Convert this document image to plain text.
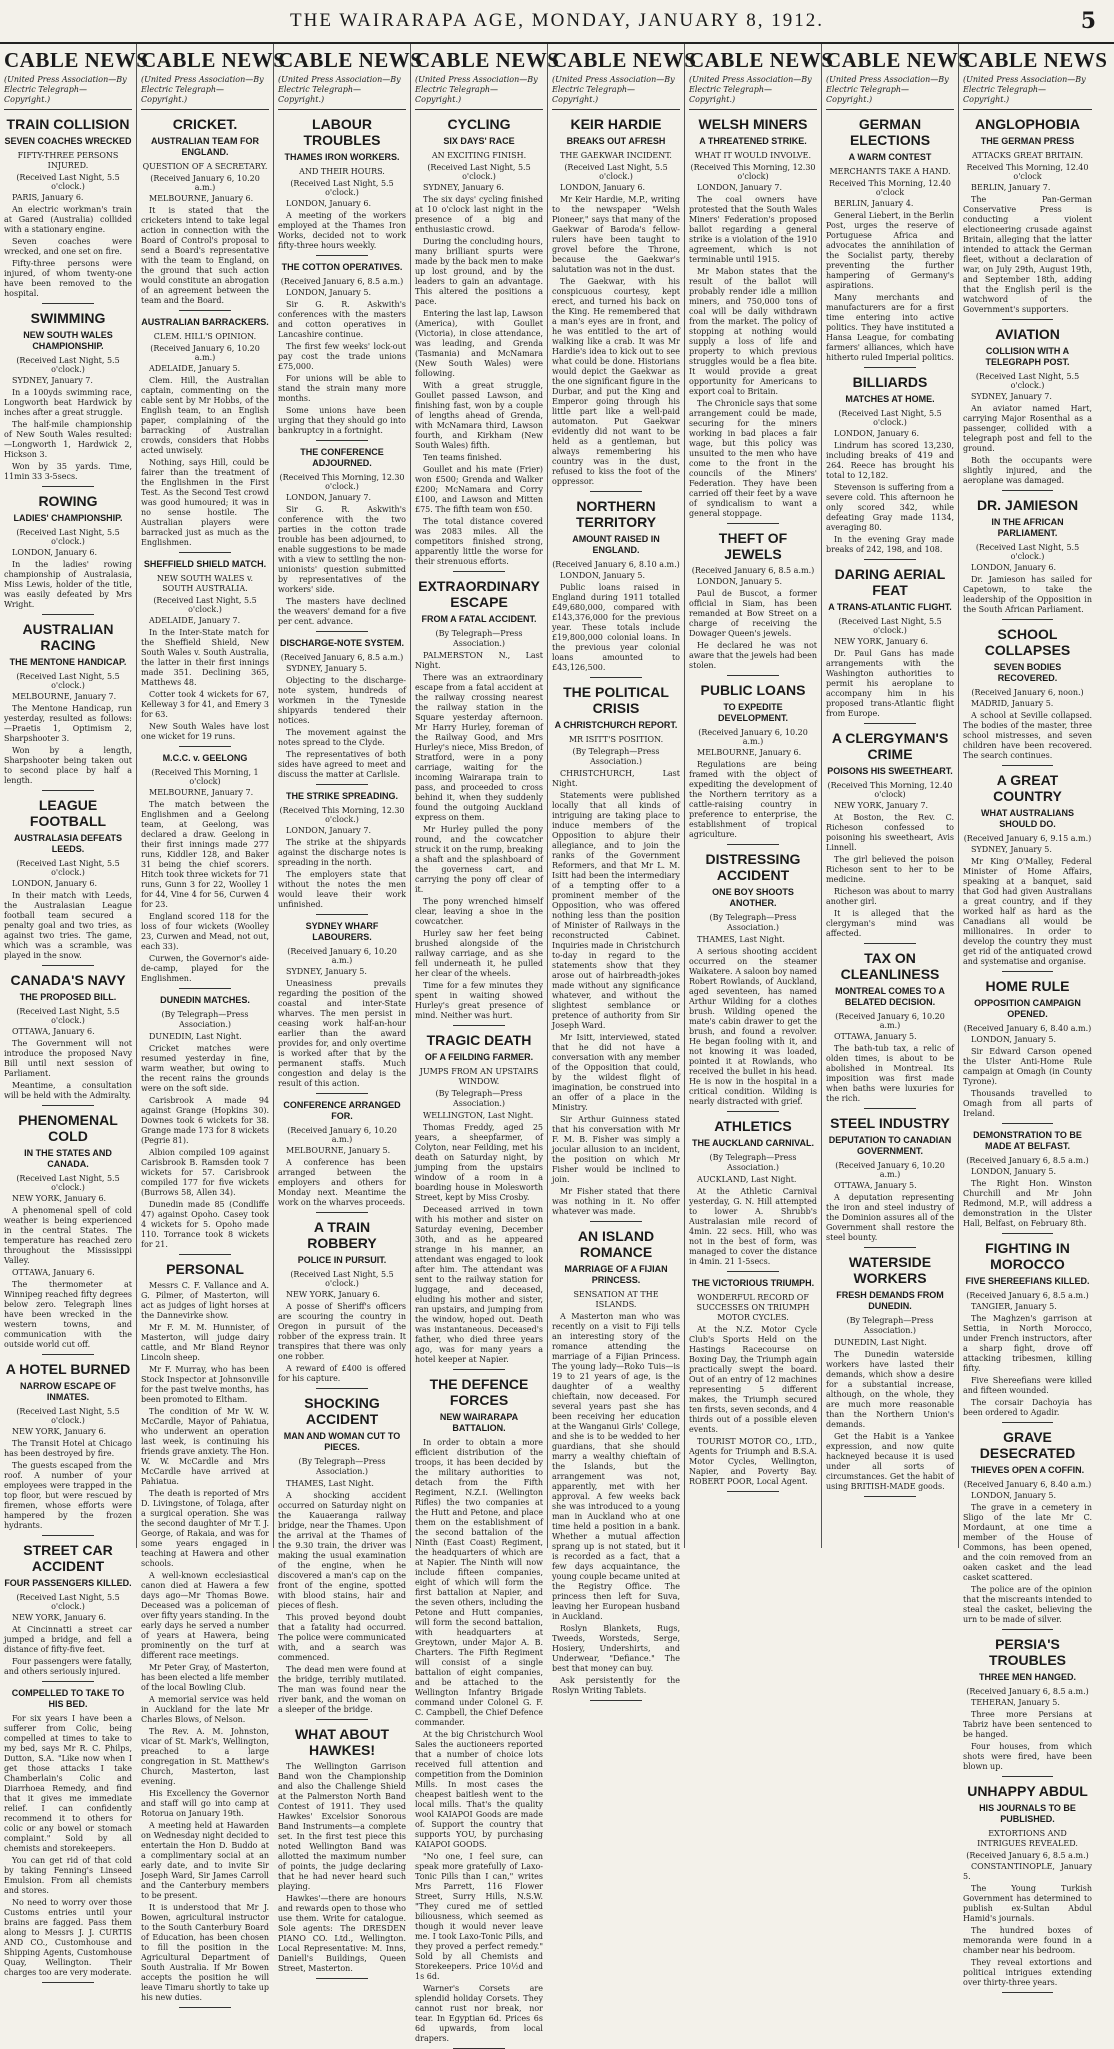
THE WAIRARAPA AGE, MONDAY, JANUARY 8, 1912.	5
CABLE NEWS
(United Press Association—By Electric Telegraph—Copyright.)
TRAIN COLLISION
SEVEN COACHES WRECKED
FIFTY-THREE PERSONS INJURED.
(Received Last Night, 5.5 o'clock.)

PARIS, January 6.

An electric workman's train at Gared (Australia) collided with a stationary engine.

Seven coaches were wrecked, and one set on fire.

Fifty-three persons were injured, of whom twenty-one have been removed to the hospital.

SWIMMING
NEW SOUTH WALES CHAMPIONSHIP.
(Received Last Night, 5.5 o'clock.)

SYDNEY, January 7.

In a 100yds swimming race, Longworth beat Hardwick by inches after a great struggle.

The half-mile championship of New South Wales resulted:—Longworth 1, Hardwick 2, Hickson 3.

Won by 35 yards. Time, 11min 33 3-5secs.

ROWING
LADIES' CHAMPIONSHIP.
(Received Last Night, 5.5 o'clock.)

LONDON, January 6.

In the ladies' rowing championship of Australasia, Miss Lewis, holder of the title, was easily defeated by Mrs Wright.

AUSTRALIAN RACING
THE MENTONE HANDICAP.
(Received Last Night, 5.5 o'clock.)

MELBOURNE, January 7.

The Mentone Handicap, run yesterday, resulted as follows:—Praetis 1, Optimism 2, Sharpshooter 3.

Won by a length, Sharpshooter being taken out to second place by half a length.

LEAGUE FOOTBALL
AUSTRALASIA DEFEATS LEEDS.
(Received Last Night, 5.5 o'clock.)

LONDON, January 6.

In their match with Leeds, the Australasian League football team secured a penalty goal and two tries, as against two tries. The game, which was a scramble, was played in the snow.

CANADA'S NAVY
THE PROPOSED BILL.
(Received Last Night, 5.5 o'clock.)

OTTAWA, January 6.

The Government will not introduce the proposed Navy Bill until next session of Parliament.

Meantime, a consultation will be held with the Admiralty.

PHENOMENAL COLD
IN THE STATES AND CANADA.
(Received Last Night, 5.5 o'clock.)

NEW YORK, January 6.

A phenomenal spell of cold weather is being experienced in the central States. The temperature has reached zero throughout the Mississippi Valley.

OTTAWA, January 6.

The thermometer at Winnipeg reached fifty degrees below zero. Telegraph lines have been wrecked in the western towns, and communication with the outside world cut off.

A HOTEL BURNED
NARROW ESCAPE OF INMATES.
(Received Last Night, 5.5 o'clock.)

NEW YORK, January 6.

The Transit Hotel at Chicago has been destroyed by fire.

The guests escaped from the roof. A number of your employees were trapped in the top floor, but were rescued by firemen, whose efforts were hampered by the frozen hydrants.

STREET CAR ACCIDENT
FOUR PASSENGERS KILLED.
(Received Last Night, 5.5 o'clock.)

NEW YORK, January 6.

At Cincinnatti a street car jumped a bridge, and fell a distance of fifty-five feet.

Four passengers were fatally, and others seriously injured.

COMPELLED TO TAKE TO HIS BED.

For six years I have been a sufferer from Colic, being compelled at times to take to my bed, says Mr R. C. Philps, Dutton, S.A. "Like now when I get those attacks I take Chamberlain's Colic and Diarrhoea Remedy, and find that it gives me immediate relief. I can confidently recommend it to others for colic or any bowel or stomach complaint." Sold by all chemists and storekeepers.

You can get rid of that cold by taking Fenning's Linseed Emulsion. From all chemists and stores.

No need to worry over those Customs entries until your brains are fagged. Pass them along to Messrs J. J. CURTIS AND CO., Customhouse and Shipping Agents, Customhouse Quay, Wellington. Their charges too are very moderate.

CABLE NEWS
(United Press Association—By Electric Telegraph—Copyright.)
CRICKET.
AUSTRALIAN TEAM FOR ENGLAND.
QUESTION OF A SECRETARY.
(Received January 6, 10.20 a.m.)

MELBOURNE, January 6.

It is stated that the cricketers intend to take legal action in connection with the Board of Control's proposal to send a Board's representative with the team to England, on the ground that such action would constitute an abrogation of an agreement between the team and the Board.

AUSTRALIAN BARRACKERS.
CLEM. HILL'S OPINION.
(Received January 6, 10.20 a.m.)

ADELAIDE, January 5.

Clem. Hill, the Australian captain, commenting on the cable sent by Mr Hobbs, of the English team, to an English paper, complaining of the barracking of Australian crowds, considers that Hobbs acted unwisely.

Nothing, says Hill, could be fairer than the treatment of the Englishmen in the First Test. As the Second Test crowd was good humoured; it was in no sense hostile. The Australian players were barracked just as much as the Englishmen.

SHEFFIELD SHIELD MATCH.
NEW SOUTH WALES v. SOUTH AUSTRALIA.
(Received Last Night, 5.5 o'clock.)

ADELAIDE, January 7.

In the Inter-State match for the Sheffield Shield, New South Wales v. South Australia, the latter in their first innings made 351. Declining 365, Matthews 48.

Cotter took 4 wickets for 67, Kelleway 3 for 41, and Emery 3 for 63.

New South Wales have lost one wicket for 19 runs.

M.C.C. v. GEELONG
(Received This Morning, 1 o'clock)

MELBOURNE, January 7.

The match between the Englishmen and a Geelong team, at Geelong, was declared a draw. Geelong in their first innings made 277 runs, Kiddler 128, and Baker 31 being the chief scorers. Hitch took three wickets for 71 runs, Gunn 3 for 22, Woolley 1 for 44, Vine 4 for 56, Curwen 4 for 23.

England scored 118 for the loss of four wickets (Woolley 23, Curwen and Mead, not out, each 33).

Curwen, the Governor's aide-de-camp, played for the Englishmen.

DUNEDIN MATCHES.
(By Telegraph—Press Association.)

DUNEDIN, Last Night.

Cricket matches were resumed yesterday in fine, warm weather, but owing to the recent rains the grounds were on the soft side.

Carisbrook A made 94 against Grange (Hopkins 30). Downes took 6 wickets for 38. Grange made 173 for 8 wickets (Pegrie 81).

Albion compiled 109 against Carisbrook B. Ramsden took 7 wickets for 57. Carisbrook compiled 177 for five wickets (Burrows 58, Allen 34).

Dunedin made 85 (Condliffe 47) against Opoho. Casey took 4 wickets for 5. Opoho made 110. Torrance took 8 wickets for 21.

PERSONAL

Messrs C. F. Vallance and A. G. Pilmer, of Masterton, will act as judges of light horses at the Dannevirke show.

Mr F. M. M. Hunnister, of Masterton, will judge dairy cattle, and Mr Bland Reynor Lincoln sheep.

Mr F. Murray, who has been Stock Inspector at Johnsonville for the past twelve months, has been promoted to Eltham.

The condition of Mr W. W. McCardle, Mayor of Pahiatua, who underwent an operation last week, is continuing his friends grave anxiety. The Hon. W. W. McCardle and Mrs McCardle have arrived at Pahiatua.

The death is reported of Mrs D. Livingstone, of Tolaga, after a surgical operation. She was the second daughter of Mr T. J. George, of Rakaia, and was for some years engaged in teaching at Hawera and other schools.

A well-known ecclesiastical canon died at Hawera a few days ago—Mr Thomas Bowe. Deceased was a policeman of over fifty years standing. In the early days he served a number of years at Hawera, being prominently on the turf at different race meetings.

Mr Peter Gray, of Masterton, has been elected a life member of the local Bowling Club.

A memorial service was held in Auckland for the late Mr Charles Blows, of Nelson.

The Rev. A. M. Johnston, vicar of St. Mark's, Wellington, preached to a large congregation in St. Matthew's Church, Masterton, last evening.

His Excellency the Governor and staff will go into camp at Rotorua on January 19th.

A meeting held at Hawarden on Wednesday night decided to entertain the Hon D. Buddo at a complimentary social at an early date, and to invite Sir Joseph Ward, Sir James Carroll and the Canterbury members to be present.

It is understood that Mr J. Bowen, agricultural instructor to the South Canterbury Board of Education, has been chosen to fill the position in the Agricultural Department of South Australia. If Mr Bowen accepts the position he will leave Timaru shortly to take up his new duties.

CABLE NEWS
(United Press Association—By Electric Telegraph—Copyright.)
LABOUR TROUBLES
THAMES IRON WORKERS.
AND THEIR HOURS.
(Received Last Night, 5.5 o'clock.)

LONDON, January 6.

A meeting of the workers employed at the Thames Iron Works, decided not to work fifty-three hours weekly.

THE COTTON OPERATIVES.
(Received January 6, 8.5 a.m.)

LONDON, January 5.

Sir G. R. Askwith's conferences with the masters and cotton operatives in Lancashire continue.

The first few weeks' lock-out pay cost the trade unions £75,000.

For unions will be able to stand the strain many more months.

Some unions have been urging that they should go into bankruptcy in a fortnight.

THE CONFERENCE ADJOURNED.
(Received This Morning, 12.30 o'clock.)

LONDON, January 7.

Sir G. R. Askwith's conference with the two parties in the cotton trade trouble has been adjourned, to enable suggestions to be made with a view to settling the non-unionists' question submitted by representatives of the workers' side.

The masters have declined the weavers' demand for a five per cent. advance.

DISCHARGE-NOTE SYSTEM.
(Received January 6, 8.5 a.m.)

SYDNEY, January 5.

Objecting to the discharge-note system, hundreds of workmen in the Tyneside shipyards tendered their notices.

The movement against the notes spread to the Clyde.

The representatives of both sides have agreed to meet and discuss the matter at Carlisle.

THE STRIKE SPREADING.
(Received This Morning, 12.30 o'clock.)

LONDON, January 7.

The strike at the shipyards against the discharge notes is spreading in the north.

The employers state that without the notes the men would leave their work unfinished.

SYDNEY WHARF LABOURERS.
(Received January 6, 10.20 a.m.)

SYDNEY, January 5.

Uneasiness prevails regarding the position of the coastal and inter-State wharves. The men persist in ceasing work half-an-hour earlier than the award provides for, and only overtime is worked after that by the permanent staffs. Much congestion and delay is the result of this action.

CONFERENCE ARRANGED FOR.
(Received January 6, 10.20 a.m.)

MELBOURNE, January 5.

A conference has been arranged between the employers and others for Monday next. Meantime the work on the wharves proceeds.

A TRAIN ROBBERY
POLICE IN PURSUIT.
(Received Last Night, 5.5 o'clock.)

NEW YORK, January 6.

A posse of Sheriff's officers are scouring the country in Oregon in pursuit of the robber of the express train. It transpires that there was only one robber.

A reward of £400 is offered for his capture.

SHOCKING ACCIDENT
MAN AND WOMAN CUT TO PIECES.
(By Telegraph—Press Association.)

THAMES, Last Night.

A shocking accident occurred on Saturday night on the Kauaeranga railway bridge, near the Thames. Upon the arrival at the Thames of the 9.30 train, the driver was making the usual examination of the engine, when he discovered a man's cap on the front of the engine, spotted with blood stains, hair and pieces of flesh.

This proved beyond doubt that a fatality had occurred. The police were communicated with, and a search was commenced.

The dead men were found at the bridge, terribly mutilated. The man was found near the river bank, and the woman on a sleeper of the bridge.

WHAT ABOUT HAWKES!

The Wellington Garrison Band won the Championship and also the Challenge Shield at the Palmerston North Band Contest of 1911. They used Hawkes' Excelsior Sonorous Band Instruments—a complete set. In the first test piece this noted Wellington Band was allotted the maximum number of points, the judge declaring that he had never heard such playing.

Hawkes'—there are honours and rewards open to those who use them. Write for catalogue. Sole agents: The DRESDEN PIANO CO. Ltd., Wellington. Local Representative: M. Inns, Daniell's Buildings, Queen Street, Masterton.

CABLE NEWS
(United Press Association—By Electric Telegraph—Copyright.)
CYCLING
SIX DAYS' RACE
AN EXCITING FINISH.
(Received Last Night, 5.5 o'clock.)

SYDNEY, January 6.

The six days' cycling finished at 10 o'clock last night in the presence of a big and enthusiastic crowd.

During the concluding hours, many brilliant spurts were made by the back men to make up lost ground, and by the leaders to gain an advantage. This altered the positions a pace.

Entering the last lap, Lawson (America), with Goullet (Victoria), in close attendance, was leading, and Grenda (Tasmania) and McNamara (New South Wales) were following.

With a great struggle, Goullet passed Lawson, and finishing fast, won by a couple of lengths ahead of Grenda, with McNamara third, Lawson fourth, and Kirkham (New South Wales) fifth.

Ten teams finished.

Goullet and his mate (Frier) won £500; Grenda and Walker £200; McNamara and Corry £100, and Lawson and Mitten £75. The fifth team won £50.

The total distance covered was 2083 miles. All the competitors finished strong, apparently little the worse for their strenuous efforts.

EXTRAORDINARY ESCAPE
FROM A FATAL ACCIDENT.
(By Telegraph—Press Association.)

PALMERSTON N., Last Night.

There was an extraordinary escape from a fatal accident at the railway crossing nearest the railway station in the Square yesterday afternoon. Mr Harry Hurley, foreman of the Railway Good, and Mrs Hurley's niece, Miss Bredon, of Stratford, were in a pony carriage, waiting for the incoming Wairarapa train to pass, and proceeded to cross behind it, when they suddenly found the outgoing Auckland express on them.

Mr Hurley pulled the pony round, and the cowcatcher struck it on the rump, breaking a shaft and the splashboard of the governess cart, and carrying the pony off clear of it.

The pony wrenched himself clear, leaving a shoe in the cowcatcher.

Hurley saw her feet being brushed alongside of the railway carriage, and as she fell underneath it, he pulled her clear of the wheels.

Time for a few minutes they spent in waiting showed Hurley's great presence of mind. Neither was hurt.

TRAGIC DEATH
OF A FEILDING FARMER.
JUMPS FROM AN UPSTAIRS WINDOW.
(By Telegraph—Press Association.)

WELLINGTON, Last Night.

Thomas Freddy, aged 25 years, a sheepfarmer, of Colyton, near Feilding, met his death on Saturday night, by jumping from the upstairs window of a room in a boarding house in Molesworth Street, kept by Miss Crosby.

Deceased arrived in town with his mother and sister on Saturday evening, December 30th, and as he appeared strange in his manner, an attendant was engaged to look after him. The attendant was sent to the railway station for luggage, and deceased, eluding his mother and sister, ran upstairs, and jumping from the window, hoped out. Death was instantaneous. Deceased's father, who died three years ago, was for many years a hotel keeper at Napier.

THE DEFENCE FORCES
NEW WAIRARAPA BATTALION.

In order to obtain a more efficient distribution of the troops, it has been decided by the military authorities to detach from the Fifth Regiment, N.Z.I. (Wellington Rifles) the two companies at the Hutt and Petone, and place them on the establishment of the second battalion of the Ninth (East Coast) Regiment, the headquarters of which are at Napier. The Ninth will now include fifteen companies, eight of which will form the first battalion at Napier, and the seven others, including the Petone and Hutt companies, will form the second battalion, with headquarters at Greytown, under Major A. B. Charters. The Fifth Regiment will consist of a single battalion of eight companies, and be attached to the Wellington Infantry Brigade command under Colonel G. F. C. Campbell, the Chief Defence commander.

At the big Christchurch Wool Sales the auctioneers reported that a number of choice lots received full attention and competition from the Dominion Mills. In most cases the cheapest baitlesh went to the local mills. That's the quality wool KAIAPOI Goods are made of. Support the country that supports YOU, by purchasing KAIAPOI GOODS.

"No one, I feel sure, can speak more gratefully of Laxo-Tonic Pills than I can," writes Mrs Parrett, 116 Flower Street, Surry Hills, N.S.W. "They cured me of settled biliousness, which seemed as though it would never leave me. I took Laxo-Tonic Pills, and they proved a perfect remedy." Sold by all Chemists and Storekeepers. Price 10½d and 1s 6d.

Warner's Corsets are splendid holiday Corsets. They cannot rust nor break, nor tear. In Egyptian 6d. Prices 6s 6d upwards, from local drapers.

CABLE NEWS
(United Press Association—By Electric Telegraph—Copyright.)
KEIR HARDIE
BREAKS OUT AFRESH
THE GAEKWAR INCIDENT.
(Received Last Night, 5.5 o'clock.)

LONDON, January 6.

Mr Keir Hardie, M.P., writing to the newspaper "Welsh Pioneer," says that many of the Gaekwar of Baroda's fellow-rulers have been taught to grovel before the Throne, because the Gaekwar's salutation was not in the dust.

The Gaekwar, with his conspicuous courtesy, kept erect, and turned his back on the King. He remembered that a man's eyes are in front, and he was entitled to the art of walking like a crab. It was Mr Hardie's idea to kick out to see what could be done. Historians would depict the Gaekwar as the one significant figure in the Durbar, and put the King and Emperor going through his little part like a well-paid automaton. Put Gaekwar evidently did not want to be held as a gentleman, but always remembering his country was in the dust, refused to kiss the foot of the oppressor.

NORTHERN TERRITORY
AMOUNT RAISED IN ENGLAND.
(Received January 6, 8.10 a.m.)

LONDON, January 5.

Public loans raised in England during 1911 totalled £49,680,000, compared with £143,376,000 for the previous year. These totals include £19,800,000 colonial loans. In the previous year colonial loans amounted to £43,126,500.

THE POLITICAL CRISIS
A CHRISTCHURCH REPORT.
MR ISITT'S POSITION.
(By Telegraph—Press Association.)

CHRISTCHURCH, Last Night.

Statements were published locally that all kinds of intriguing are taking place to induce members of the Opposition to abjure their allegiance, and to join the ranks of the Government Reformers, and that Mr L. M. Isitt had been the intermediary of a tempting offer to a prominent member of the Opposition, who was offered nothing less than the position of Minister of Railways in the reconstructed Cabinet. Inquiries made in Christchurch to-day in regard to the statements show that they arose out of hairbreadth-jokes made without any significance whatever, and without the slightest semblance or pretence of authority from Sir Joseph Ward.

Mr Isitt, interviewed, stated that he did not have a conversation with any member of the Opposition that could, by the wildest flight of imagination, be construed into an offer of a place in the Ministry.

Sir Arthur Guinness stated that his conversation with Mr F. M. B. Fisher was simply a jocular allusion to an incident, the position on which Mr Fisher would be inclined to join.

Mr Fisher stated that there was nothing in it. No offer whatever was made.

AN ISLAND ROMANCE
MARRIAGE OF A FIJIAN PRINCESS.
SENSATION AT THE ISLANDS.

A Masterton man who was recently on a visit to Fiji tells an interesting story of the romance attending the marriage of a Fijian Princess. The young lady—Roko Tuis—is 19 to 21 years of age, is the daughter of a wealthy chieftain, now deceased. For several years past she has been receiving her education at the Wanganui Girls' College, and she is to be wedded to her guardians, that she should marry a wealthy chieftain of the Islands, but the arrangement was not, apparently, met with her approval. A few weeks back she was introduced to a young man in Auckland who at one time held a position in a bank. Whether a mutual affection sprang up is not stated, but it is recorded as a fact, that a few days acquaintance, the young couple became united at the Registry Office. The princess then left for Suva, leaving her European husband in Auckland.

Roslyn Blankets, Rugs, Tweeds, Worsteds, Serge, Hosiery, Undershirts, and Underwear, "Defiance." The best that money can buy.

Ask persistently for the Roslyn Writing Tablets.

CABLE NEWS
(United Press Association—By Electric Telegraph—Copyright.)
WELSH MINERS
A THREATENED STRIKE.
WHAT IT WOULD INVOLVE.
(Received This Morning, 12.30 o'clock)

LONDON, January 7.

The coal owners have protested that the South Wales Miners' Federation's proposed ballot regarding a general strike is a violation of the 1910 agreement, which is not terminable until 1915.

Mr Mabon states that the result of the ballot will probably render idle a million miners, and 750,000 tons of coal will be daily withdrawn from the market. The policy of stopping at nothing would supply a loss of life and property to which previous struggles would be a flea bite. It would provide a great opportunity for Americans to export coal to Britain.

The Chronicle says that some arrangement could be made, securing for the miners working in bad places a fair wage, but this policy was unsuited to the men who have come to the front in the councils of the Miners' Federation. They have been carried off their feet by a wave of syndicalism to want a general stoppage.

THEFT OF JEWELS
(Received January 6, 8.5 a.m.)

LONDON, January 5.

Paul de Buscot, a former official in Siam, has been remanded at Bow Street on a charge of receiving the Dowager Queen's jewels.

He declared he was not aware that the jewels had been stolen.

PUBLIC LOANS
TO EXPEDITE DEVELOPMENT.
(Received January 6, 10.20 a.m.)

MELBOURNE, January 6.

Regulations are being framed with the object of expediting the development of the Northern territory as a cattle-raising country in preference to enterprise, the establishment of tropical agriculture.

DISTRESSING ACCIDENT
ONE BOY SHOOTS ANOTHER.
(By Telegraph—Press Association.)

THAMES, Last Night.

A serious shooting accident occurred on the steamer Waikatere. A saloon boy named Robert Rowlands, of Auckland, aged seventeen, has named Arthur Wilding for a clothes brush. Wilding opened the mate's cabin drawer to get the brush, and found a revolver. He began fooling with it, and not knowing it was loaded, pointed it at Rowlands, who received the bullet in his head. He is now in the hospital in a critical condition. Wilding is nearly distracted with grief.

ATHLETICS
THE AUCKLAND CARNIVAL.
(By Telegraph—Press Association.)

AUCKLAND, Last Night.

At the Athletic Carnival yesterday, G. N. Hill attempted to lower A. Shrubb's Australasian mile record of 4min. 22 secs. Hill, who was not in the best of form, was managed to cover the distance in 4min. 21 1-5secs.

THE VICTORIOUS TRIUMPH.
WONDERFUL RECORD OF SUCCESSES ON TRIUMPH MOTOR CYCLES.

At the N.Z. Motor Cycle Club's Sports Held on the Hastings Racecourse on Boxing Day, the Triumph again practically swept the board. Out of an entry of 12 machines representing 5 different makes, the Triumph secured ten firsts, seven seconds, and 4 thirds out of a possible eleven events.

TOURIST MOTOR CO., LTD., Agents for Triumph and B.S.A. Motor Cycles, Wellington, Napier, and Poverty Bay. ROBERT POOR, Local Agent.

CABLE NEWS
(United Press Association—By Electric Telegraph—Copyright.)
GERMAN ELECTIONS
A WARM CONTEST
MERCHANTS TAKE A HAND.
Received This Morning, 12.40 o'clock

BERLIN, January 4.

General Liebert, in the Berlin Post, urges the reserve of Portuguese Africa and advocates the annihilation of the Socialist party, thereby preventing the further hampering of Germany's aspirations.

Many merchants and manufacturers are for a first time entering into active politics. They have instituted a Hansa League, for combating farmers' alliances, which have hitherto ruled Imperial politics.

BILLIARDS
MATCHES AT HOME.
(Received Last Night, 5.5 o'clock.)

LONDON, January 6.

Lindrum has scored 13,230, including breaks of 419 and 264. Reece has brought his total to 12,182.

Stevenson is suffering from a severe cold. This afternoon he only scored 342, while defeating Gray made 1134, averaging 80.

In the evening Gray made breaks of 242, 198, and 108.

DARING AERIAL FEAT
A TRANS-ATLANTIC FLIGHT.
(Received Last Night, 5.5 o'clock.)

NEW YORK, January 6.

Dr. Paul Gans has made arrangements with the Washington authorities to permit his aeroplane to accompany him in his proposed trans-Atlantic flight from Europe.

A CLERGYMAN'S CRIME
POISONS HIS SWEETHEART.
(Received This Morning, 12.40 o'clock)

NEW YORK, January 7.

At Boston, the Rev. C. Richeson confessed to poisoning his sweetheart, Avis Linnell.

The girl believed the poison Richeson sent to her to be medicine.

Richeson was about to marry another girl.

It is alleged that the clergyman's mind was affected.

TAX ON CLEANLINESS
MONTREAL COMES TO A BELATED DECISION.
(Received January 6, 10.20 a.m.)

OTTAWA, January 5.

The bath-tub tax, a relic of olden times, is about to be abolished in Montreal. Its imposition was first made when baths were luxuries for the rich.

STEEL INDUSTRY
DEPUTATION TO CANADIAN GOVERNMENT.
(Received January 6, 10.20 a.m.)

OTTAWA, January 5.

A deputation representing the iron and steel industry of the Dominion assures all of the Government shall restore the steel bounty.

WATERSIDE WORKERS
FRESH DEMANDS FROM DUNEDIN.
(By Telegraph—Press Association.)

DUNEDIN, Last Night.

The Dunedin waterside workers have lasted their demands, which show a desire for a substantial increase, although, on the whole, they are much more reasonable than the Northern Union's demands.

Get the Habit is a Yankee expression, and now quite hackneyed because it is used under all sorts of circumstances. Get the habit of using BRITISH-MADE goods.

CABLE NEWS
(United Press Association—By Electric Telegraph—Copyright.)
ANGLOPHOBIA
THE GERMAN PRESS
ATTACKS GREAT BRITAIN.
Received This Morning, 12.40 o'clock

BERLIN, January 7.

The Pan-German Conservative Press is conducting a violent electioneering crusade against Britain, alleging that the latter intended to attack the German fleet, without a declaration of war, on July 29th, August 19th, and September 18th, adding that the English peril is the watchword of the Government's supporters.

AVIATION
COLLISION WITH A TELEGRAPH POST.
(Received Last Night, 5.5 o'clock.)

SYDNEY, January 7.

An aviator named Hart, carrying Major Rosenthal as a passenger, collided with a telegraph post and fell to the ground.

Both the occupants were slightly injured, and the aeroplane was damaged.

DR. JAMIESON
IN THE AFRICAN PARLIAMENT.
(Received Last Night, 5.5 o'clock.)

LONDON, January 6.

Dr. Jamieson has sailed for Capetown, to take the leadership of the Opposition in the South African Parliament.

SCHOOL COLLAPSES
SEVEN BODIES RECOVERED.
(Received January 6, noon.)

MADRID, January 5.

A school at Seville collapsed. The bodies of the master, three school mistresses, and seven children have been recovered. The search continues.

A GREAT COUNTRY
WHAT AUSTRALIANS SHOULD DO.
(Received January 6, 9.15 a.m.)

SYDNEY, January 5.

Mr King O'Malley, Federal Minister of Home Affairs, speaking at a banquet, said that God had given Australians a great country, and if they worked half as hard as the Canadians all would be millionaires. In order to develop the country they must get rid of the antiquated crowd and systematise and organise.

HOME RULE
OPPOSITION CAMPAIGN OPENED.
(Received January 6, 8.40 a.m.)

LONDON, January 5.

Sir Edward Carson opened the Ulster Anti-Home Rule campaign at Omagh (in County Tyrone).

Thousands travelled to Omagh from all parts of Ireland.

DEMONSTRATION TO BE MADE AT BELFAST.
(Received January 6, 8.5 a.m.)

LONDON, January 5.

The Right Hon. Winston Churchill and Mr John Redmond, M.P., will address a demonstration in the Ulster Hall, Belfast, on February 8th.

FIGHTING IN MOROCCO
FIVE SHEREEFIANS KILLED.
(Received January 6, 8.5 a.m.)

TANGIER, January 5.

The Maghzen's garrison at Settia, in North Morocco, under French instructors, after a sharp fight, drove off attacking tribesmen, killing fifty.

Five Shereefians were killed and fifteen wounded.

The corsair Dachoyia has been ordered to Agadir.

GRAVE DESECRATED
THIEVES OPEN A COFFIN.
(Received January 6, 8.40 a.m.)

LONDON, January 5.

The grave in a cemetery in Sligo of the late Mr C. Mordaunt, at one time a member of the House of Commons, has been opened, and the coin removed from an oaken casket and the lead casket scattered.

The police are of the opinion that the miscreants intended to steal the casket, believing the urn to be made of silver.

PERSIA'S TROUBLES
THREE MEN HANGED.
(Received January 6, 8.5 a.m.)

TEHERAN, January 5.

Three more Persians at Tabriz have been sentenced to be hanged.

Four houses, from which shots were fired, have been blown up.

UNHAPPY ABDUL
HIS JOURNALS TO BE PUBLISHED.
EXTORTIONS AND INTRIGUES REVEALED.
(Received January 6, 8.5 a.m.)

CONSTANTINOPLE, January 5.

The Young Turkish Government has determined to publish ex-Sultan Abdul Hamid's journals.

The hundred boxes of memoranda were found in a chamber near his bedroom.

They reveal extortions and political intrigues extending over thirty-three years.
